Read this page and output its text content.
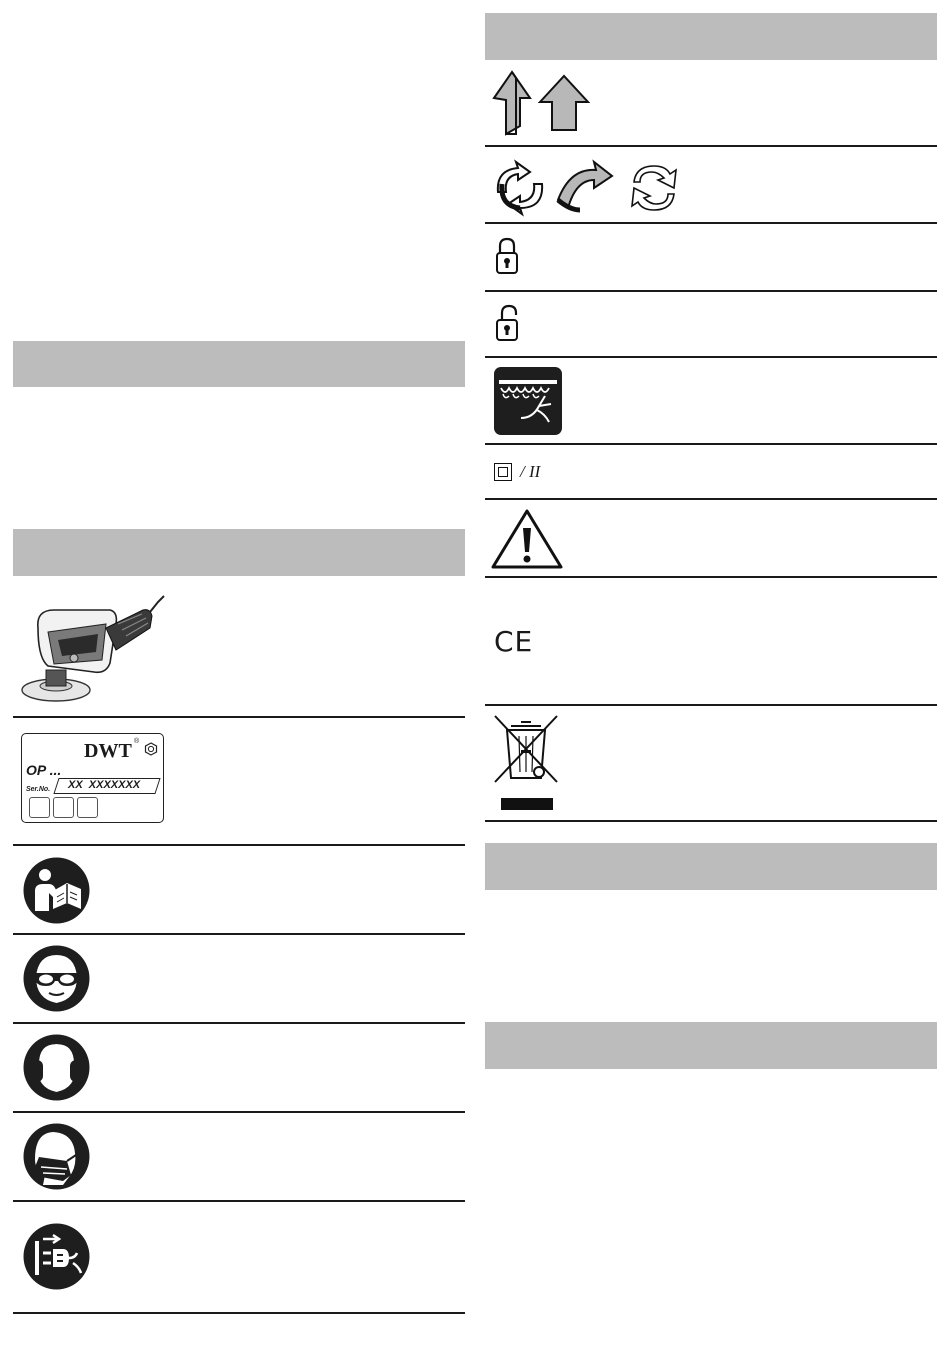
DWT ®
OP ...
Ser.No. XX  XXXXXXX
/ II
CE
